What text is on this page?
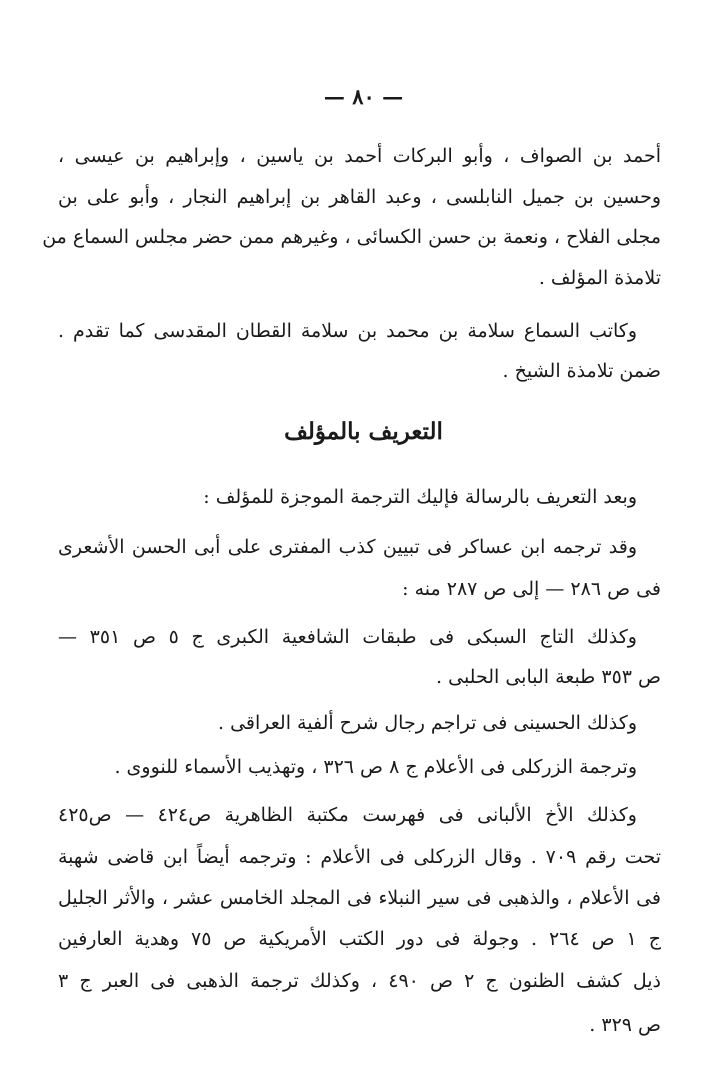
— ٨٠ —
أحمد بن الصواف ، وأبو البركات أحمد بن ياسين ، وإبراهيم بن عيسى ،
وحسين بن جميل النابلسى ، وعبد القاهر بن إبراهيم النجار ، وأبو على بن
مجلى الفلاح ، ونعمة بن حسن الكسائى ، وغيرهم ممن حضر مجلس السماع من
تلامذة المؤلف .
وكاتب السماع سلامة بن محمد بن سلامة القطان المقدسى كما تقدم .
ضمن تلامذة الشيخ .
التعريف بالمؤلف
وبعد التعريف بالرسالة فإليك الترجمة الموجزة للمؤلف :
وقد ترجمه ابن عساكر فى تبيين كذب المفترى على أبى الحسن الأشعرى
فى ص ٢٨٦ — إلى ص ٢٨٧ منه :
وكذلك التاج السبكى فى طبقات الشافعية الكبرى ج ٥ ص ٣٥١ —
ص ٣٥٣ طبعة البابى الحلبى .
وكذلك الحسينى فى تراجم رجال شرح ألفية العراقى .
وترجمة الزركلى فى الأعلام ج ٨ ص ٣٢٦ ، وتهذيب الأسماء للنووى .
وكذلك الأخ الألبانى فى فهرست مكتبة الظاهرية ص٤٢٤ — ص٤٢٥
تحت رقم ٧٠٩ . وقال الزركلى فى الأعلام : وترجمه أيضاً ابن قاضى شهبة
فى الأعلام ، والذهبى فى سير النبلاء فى المجلد الخامس عشر ، والأثر الجليل
ج ١ ص ٢٦٤ . وجولة فى دور الكتب الأمريكية ص ٧٥ وهدية العارفين
ذيل كشف الظنون ج ٢ ص ٤٩٠ ، وكذلك ترجمة الذهبى فى العبر ج ٣
ص ٣٢٩ .
